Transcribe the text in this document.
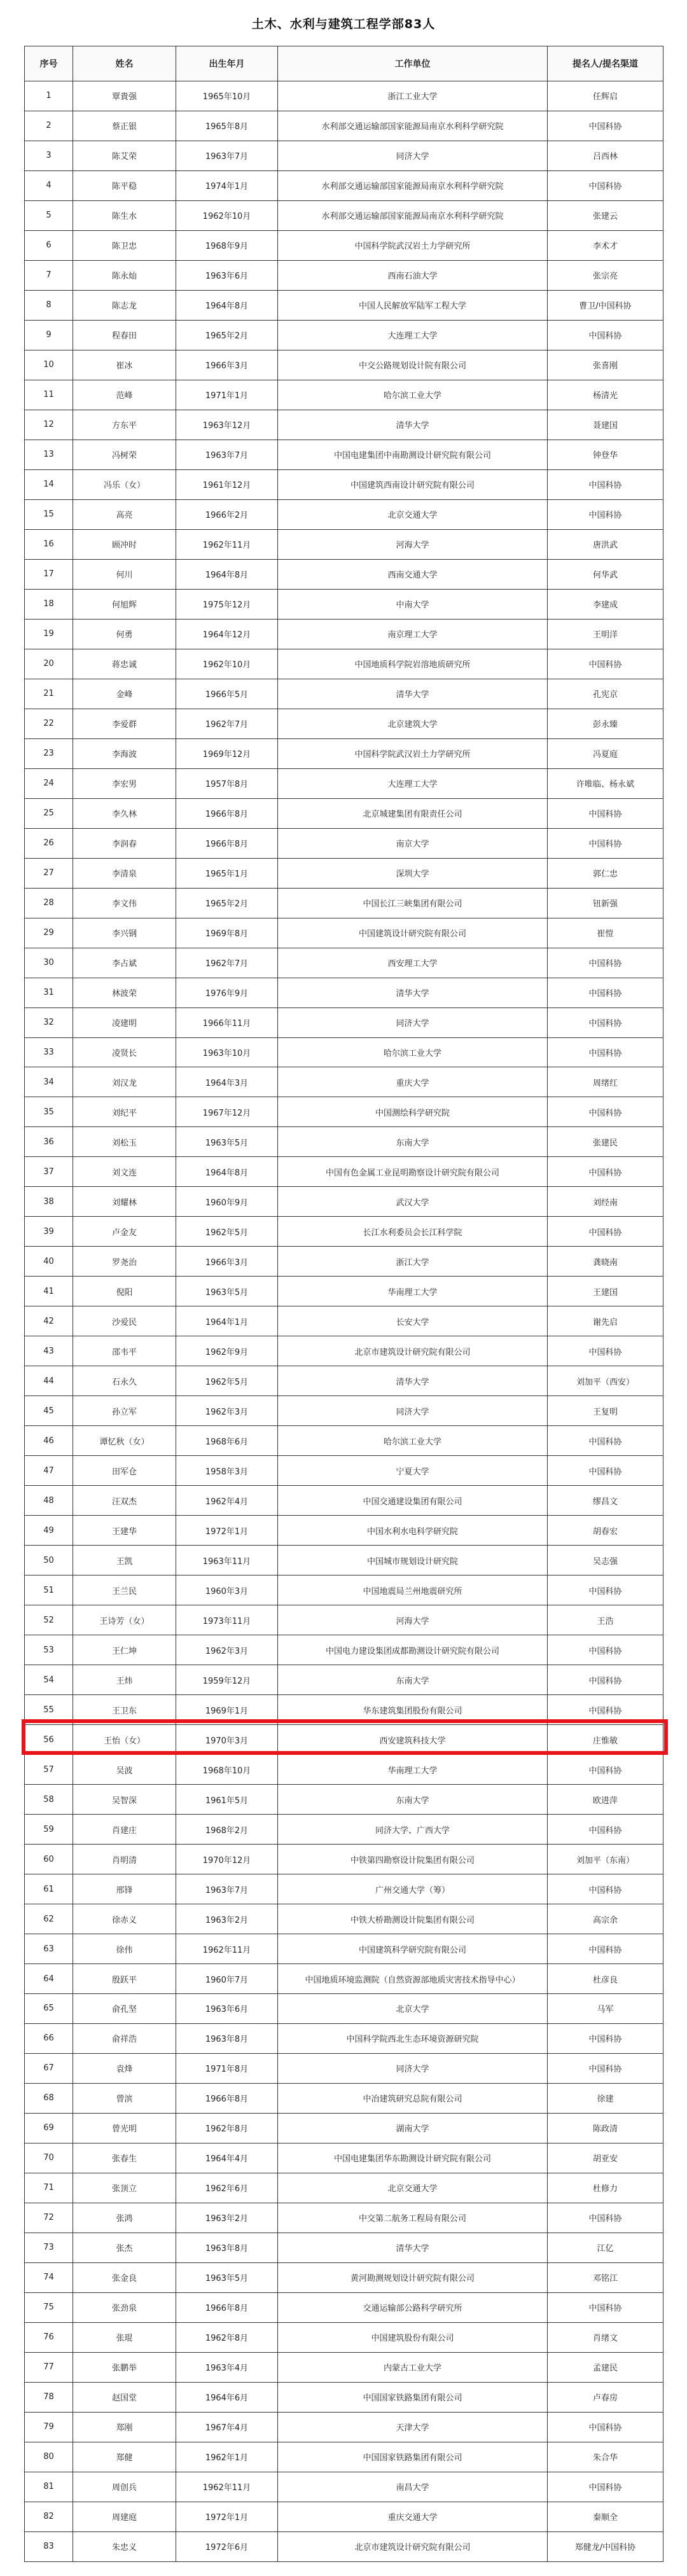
土木、水利与建筑工程学部83人
序号	姓名	出生年月	工作单位	提名人/提名渠道
1	覃貴强	1965年10月	浙江工业大学	任辉启
2	蔡正银	1965年8月	水利部交通运输部国家能源局南京水利科学研究院	中国科协
3	陈艾荣	1963年7月	同济大学	吕西林
4	陈平稳	1974年1月	水利部交通运输部国家能源局南京水利科学研究院	中国科协
5	陈生水	1962年10月	水利部交通运输部国家能源局南京水利科学研究院	张建云
6	陈卫忠	1968年9月	中国科学院武汉岩土力学研究所	李术才
7	陈永灿	1963年6月	西南石油大学	张宗亮
8	陈志龙	1964年8月	中国人民解放军陆军工程大学	曹卫/中国科协
9	程春田	1965年2月	大连理工大学	中国科协
10	崔冰	1966年3月	中交公路规划设计院有限公司	张喜刚
11	范峰	1971年1月	哈尔滨工业大学	杨清光
12	方东平	1963年12月	清华大学	聂建国
13	冯树荣	1963年7月	中国电建集团中南勘测设计研究院有限公司	钟登华
14	冯乐（女）	1961年12月	中国建筑西南设计研究院有限公司	中国科协
15	高亮	1966年2月	北京交通大学	中国科协
16	顾冲时	1962年11月	河海大学	唐洪武
17	何川	1964年8月	西南交通大学	何华武
18	何旭辉	1975年12月	中南大学	李建成
19	何勇	1964年12月	南京理工大学	王明洋
20	蒋忠诚	1962年10月	中国地质科学院岩溶地质研究所	中国科协
21	金峰	1966年5月	清华大学	孔宪京
22	李爱群	1962年7月	北京建筑大学	彭永臻
23	李海波	1969年12月	中国科学院武汉岩土力学研究所	冯夏庭
24	李宏男	1957年8月	大连理工大学	许唯临、杨永斌
25	李久林	1966年8月	北京城建集团有限责任公司	中国科协
26	李润春	1966年8月	南京大学	中国科协
27	李清泉	1965年1月	深圳大学	郭仁忠
28	李文伟	1965年2月	中国长江三峡集团有限公司	钮新强
29	李兴钢	1969年8月	中国建筑设计研究院有限公司	崔愷
30	李占斌	1962年7月	西安理工大学	中国科协
31	林波荣	1976年9月	清华大学	中国科协
32	凌建明	1966年11月	同济大学	中国科协
33	凌贤长	1963年10月	哈尔滨工业大学	中国科协
34	刘汉龙	1964年3月	重庆大学	周绪红
35	刘纪平	1967年12月	中国测绘科学研究院	中国科协
36	刘松玉	1963年5月	东南大学	张建民
37	刘文连	1964年8月	中国有色金属工业昆明勘察设计研究院有限公司	中国科协
38	刘耀林	1960年9月	武汉大学	刘经南
39	卢金友	1962年5月	长江水利委员会长江科学院	中国科协
40	罗尧治	1966年3月	浙江大学	龚晓南
41	倪阳	1963年5月	华南理工大学	王建国
42	沙爱民	1964年1月	长安大学	谢先启
43	邵韦平	1962年9月	北京市建筑设计研究院有限公司	中国科协
44	石永久	1962年5月	清华大学	刘加平（西安）
45	孙立军	1962年3月	同济大学	王复明
46	谭忆秋（女）	1968年6月	哈尔滨工业大学	中国科协
47	田军仓	1958年3月	宁夏大学	中国科协
48	汪双杰	1962年4月	中国交通建设集团有限公司	缪昌文
49	王建华	1972年1月	中国水利水电科学研究院	胡春宏
50	王凯	1963年11月	中国城市规划设计研究院	吴志强
51	王兰民	1960年3月	中国地震局兰州地震研究所	中国科协
52	王诗芳（女）	1973年11月	河海大学	王浩
53	王仁坤	1962年3月	中国电力建设集团成都勘测设计研究院有限公司	中国科协
54	王炜	1959年12月	东南大学	中国科协
55	王卫东	1969年1月	华东建筑集团股份有限公司	中国科协
56	王怡（女）	1970年3月	西安建筑科技大学	庄惟敏
57	吴波	1968年10月	华南理工大学	中国科协
58	吴智深	1961年5月	东南大学	欧进萍
59	肖建庄	1968年2月	同济大学、广西大学	中国科协
60	肖明清	1970年12月	中铁第四勘察设计院集团有限公司	刘加平（东南）
61	邢锋	1963年7月	广州交通大学（筹）	中国科协
62	徐赤义	1963年2月	中铁大桥勘测设计院集团有限公司	高宗余
63	徐伟	1962年11月	中国建筑科学研究院有限公司	中国科协
64	殷跃平	1960年7月	中国地质环境监测院（自然资源部地质灾害技术指导中心）	杜彦良
65	俞孔坚	1963年6月	北京大学	马军
66	俞祥浩	1963年8月	中国科学院西北生态环境资源研究院	中国科协
67	袁烽	1971年8月	同济大学	中国科协
68	曾滨	1966年8月	中冶建筑研究总院有限公司	徐建
69	曾光明	1962年8月	湖南大学	陈政清
70	张春生	1964年4月	中国电建集团华东勘测设计研究院有限公司	胡亚安
71	张顶立	1962年6月	北京交通大学	杜修力
72	张鸿	1963年2月	中交第二航务工程局有限公司	中国科协
73	张杰	1963年8月	清华大学	江亿
74	张金良	1963年5月	黄河勘测规划设计研究院有限公司	邓铭江
75	张劲泉	1966年8月	交通运输部公路科学研究所	中国科协
76	张琨	1962年8月	中国建筑股份有限公司	肖绪文
77	张鹏举	1963年4月	内蒙古工业大学	孟建民
78	赵国堂	1964年6月	中国国家铁路集团有限公司	卢春房
79	郑刚	1967年4月	天津大学	中国科协
80	郑健	1962年1月	中国国家铁路集团有限公司	朱合华
81	周创兵	1962年11月	南昌大学	中国科协
82	周建庭	1972年1月	重庆交通大学	秦顺全
83	朱忠义	1972年6月	北京市建筑设计研究院有限公司	郑健龙/中国科协
